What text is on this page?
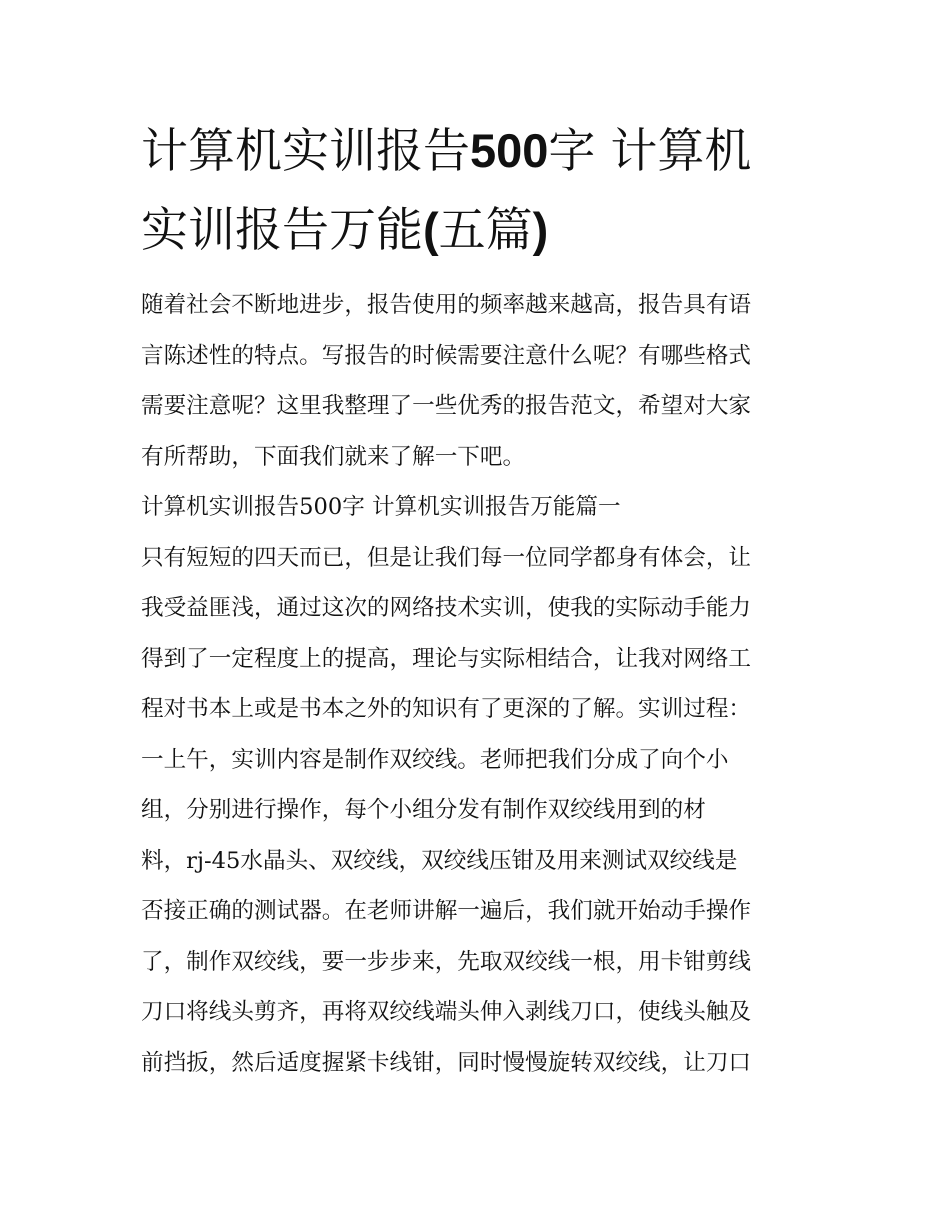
计算机实训报告500字 计算机
实训报告万能(五篇)

随着社会不断地进步，报告使用的频率越来越高，报告具有语
言陈述性的特点。写报告的时候需要注意什么呢？有哪些格式
需要注意呢？这里我整理了一些优秀的报告范文，希望对大家
有所帮助，下面我们就来了解一下吧。

计算机实训报告500字 计算机实训报告万能篇一

只有短短的四天而已，但是让我们每一位同学都身有体会，让
我受益匪浅，通过这次的网络技术实训，使我的实际动手能力
得到了一定程度上的提高，理论与实际相结合，让我对网络工
程对书本上或是书本之外的知识有了更深的了解。实训过程：
一上午，实训内容是制作双绞线。老师把我们分成了向个小
组，分别进行操作，每个小组分发有制作双绞线用到的材
料，rj-45水晶头、双绞线，双绞线压钳及用来测试双绞线是
否接正确的测试器。在老师讲解一遍后，我们就开始动手操作
了，制作双绞线，要一步步来，先取双绞线一根，用卡钳剪线
刀口将线头剪齐，再将双绞线端头伸入剥线刀口，使线头触及
前挡扳，然后适度握紧卡线钳，同时慢慢旋转双绞线，让刀口
